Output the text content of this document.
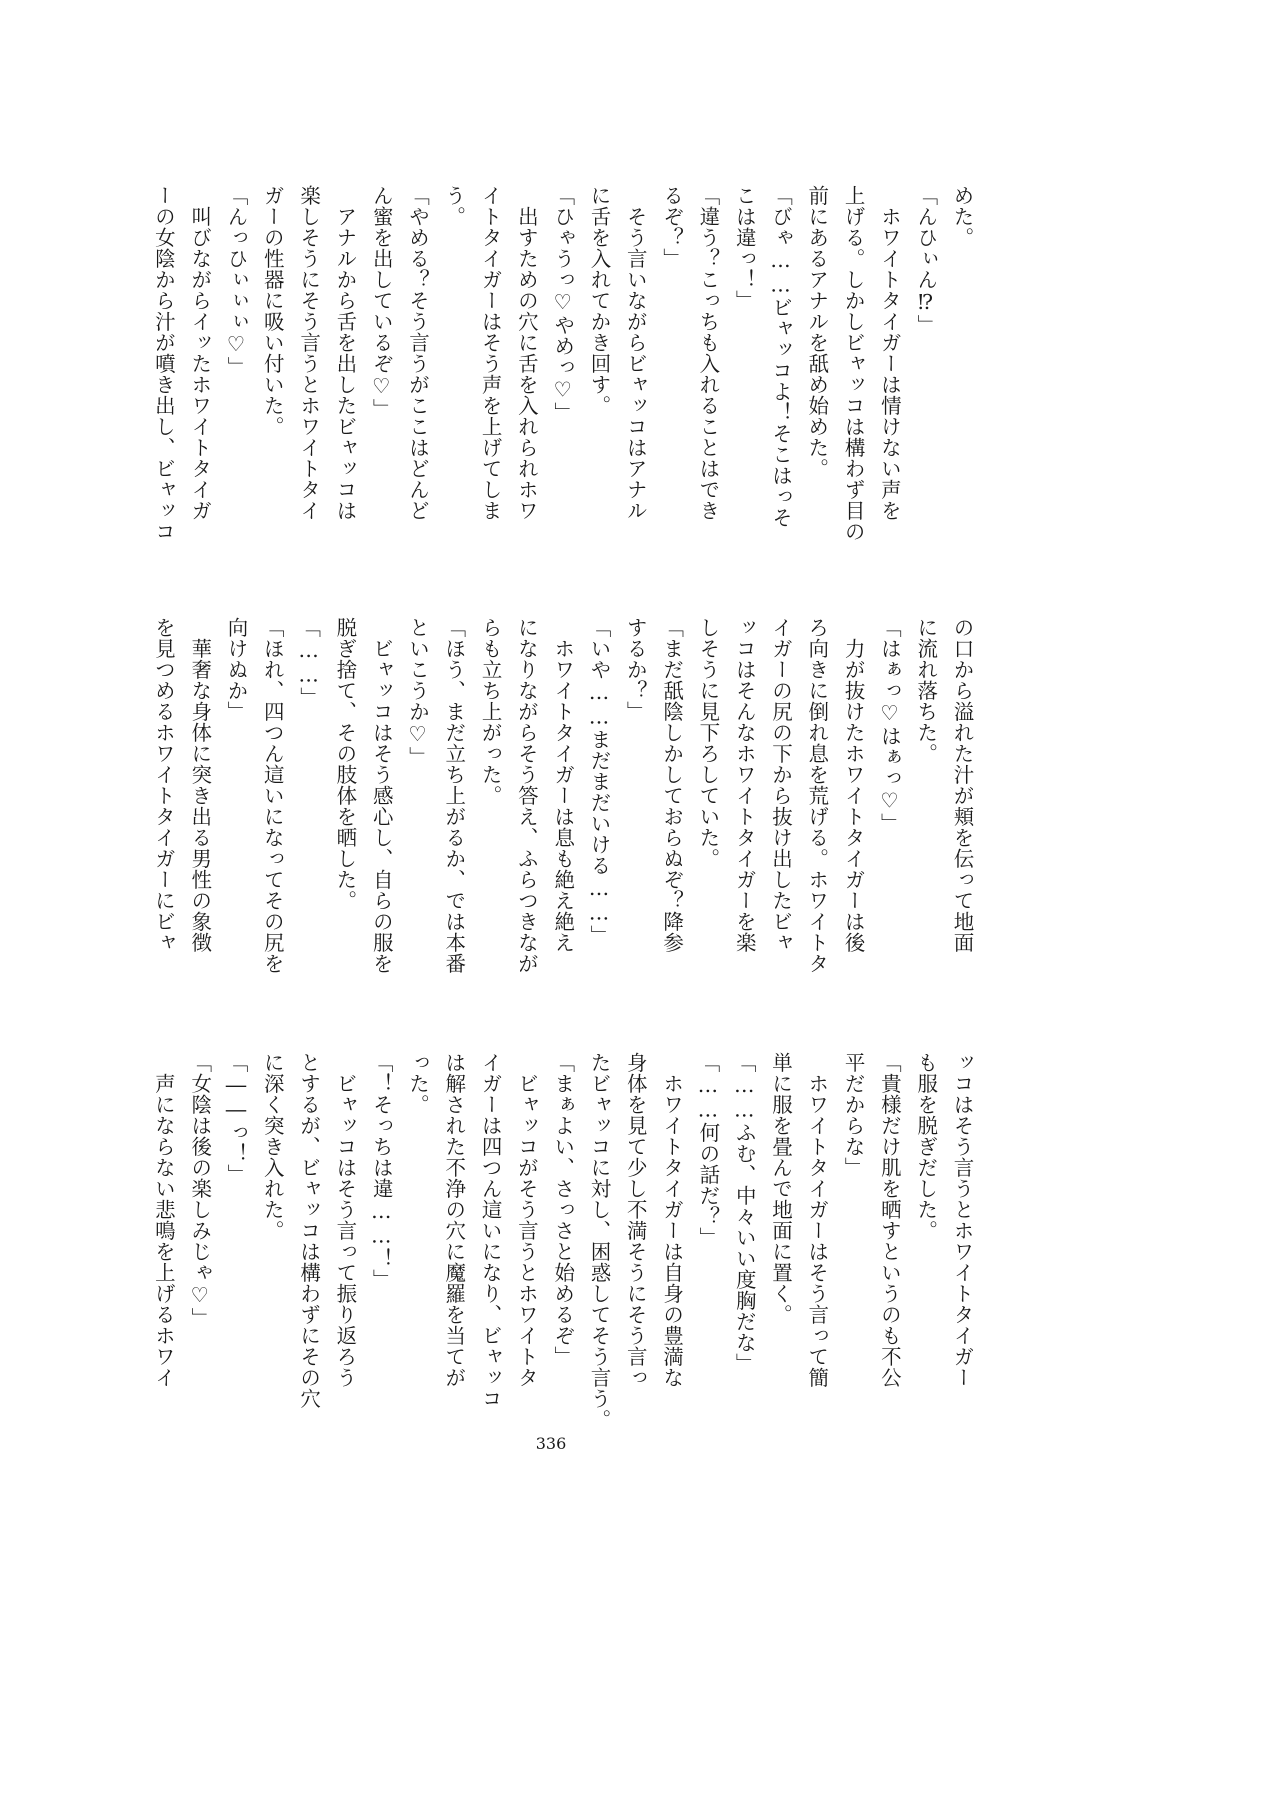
めた。
「んひぃん⁉」
　ホワイトタイガーは情けない声を
上げる。しかしビャッコは構わず目の
前にあるアナルを舐め始めた。
「びゃ……ビャッコよ！そこはっそ
こは違っ！」
「違う？こっちも入れることはでき
るぞ？」
　そう言いながらビャッコはアナル
に舌を入れてかき回す。
「ひゃうっ♡やめっ♡」
　出すための穴に舌を入れられホワ
イトタイガーはそう声を上げてしま
う。
「やめる？そう言うがここはどんど
ん蜜を出しているぞ♡」
　アナルから舌を出したビャッコは
楽しそうにそう言うとホワイトタイ
ガーの性器に吸い付いた。
「んっひぃぃぃ♡」
　叫びながらイッたホワイトタイガ
ーの女陰から汁が噴き出し、ビャッコ
の口から溢れた汁が頬を伝って地面
に流れ落ちた。
「はぁっ♡はぁっ♡」
　力が抜けたホワイトタイガーは後
ろ向きに倒れ息を荒げる。ホワイトタ
イガーの尻の下から抜け出したビャ
ッコはそんなホワイトタイガーを楽
しそうに見下ろしていた。
「まだ舐陰しかしておらぬぞ？降参
するか？」
「いや……まだまだいける……」
　ホワイトタイガーは息も絶え絶え
になりながらそう答え、ふらつきなが
らも立ち上がった。
「ほう、まだ立ち上がるか、では本番
といこうか♡」
　ビャッコはそう感心し、自らの服を
脱ぎ捨て、その肢体を晒した。
「……」
「ほれ、四つん這いになってその尻を
向けぬか」
　華奢な身体に突き出る男性の象徴
を見つめるホワイトタイガーにビャ
ッコはそう言うとホワイトタイガー
も服を脱ぎだした。
「貴様だけ肌を晒すというのも不公
平だからな」
　ホワイトタイガーはそう言って簡
単に服を畳んで地面に置く。
「……ふむ、中々いい度胸だな」
「……何の話だ？」
　ホワイトタイガーは自身の豊満な
身体を見て少し不満そうにそう言っ
たビャッコに対し、困惑してそう言う。
「まぁよい、さっさと始めるぞ」
　ビャッコがそう言うとホワイトタ
イガーは四つん這いになり、ビャッコ
は解された不浄の穴に魔羅を当てが
った。
「！そっちは違……！」
　ビャッコはそう言って振り返ろう
とするが、ビャッコは構わずにその穴
に深く突き入れた。
「――っ！」
「女陰は後の楽しみじゃ♡」
　声にならない悲鳴を上げるホワイ
336
